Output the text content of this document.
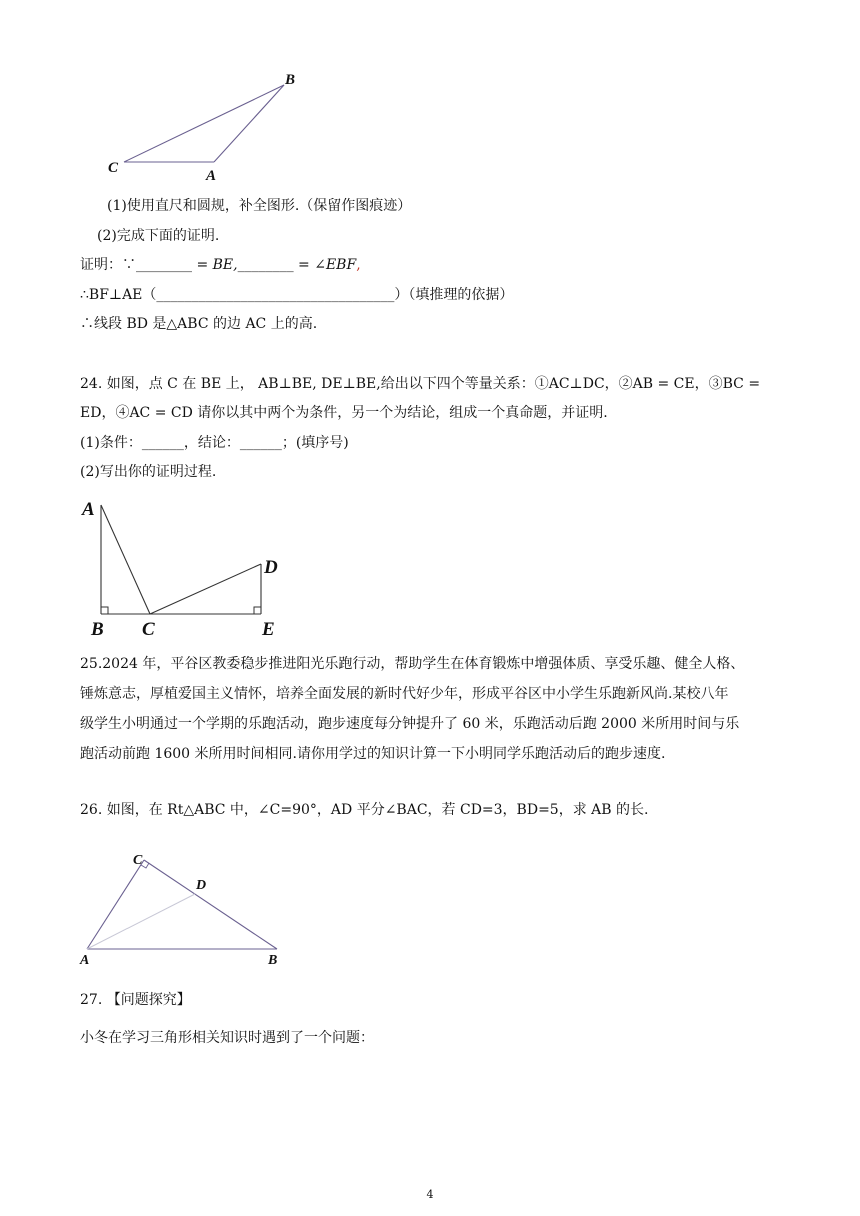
B
C	A
(1)使用直尺和圆规，补全图形.（保留作图痕迹）
(2)完成下面的证明.
证明：∵________ = BE,________ = ∠EBF,
∴BF⊥AE（__________________________________）（填推理的依据）
∴线段 BD 是△ABC 的边 AC 上的高.
24. 如图，点 C 在 BE 上， AB⊥BE, DE⊥BE,给出以下四个等量关系：①AC⊥DC，②AB = CE，③BC =
ED，④AC = CD 请你以其中两个为条件，另一个为结论，组成一个真命题，并证明.
(1)条件：______，结论：______；(填序号)
(2)写出你的证明过程.
A
B C
D
E
25.2024 年，平谷区教委稳步推进阳光乐跑行动，帮助学生在体育锻炼中增强体质、享受乐趣、健全人格、
锤炼意志，厚植爱国主义情怀，培养全面发展的新时代好少年，形成平谷区中小学生乐跑新风尚.某校八年
级学生小明通过一个学期的乐跑活动，跑步速度每分钟提升了 60 米，乐跑活动后跑 2000 米所用时间与乐
跑活动前跑 1600 米所用时间相同.请你用学过的知识计算一下小明同学乐跑活动后的跑步速度.
26. 如图，在 Rt△ABC 中，∠C=90°，AD 平分∠BAC，若 CD=3，BD=5，求 AB 的长.
C
D
A	B
27. 【问题探究】
小冬在学习三角形相关知识时遇到了一个问题：
4
